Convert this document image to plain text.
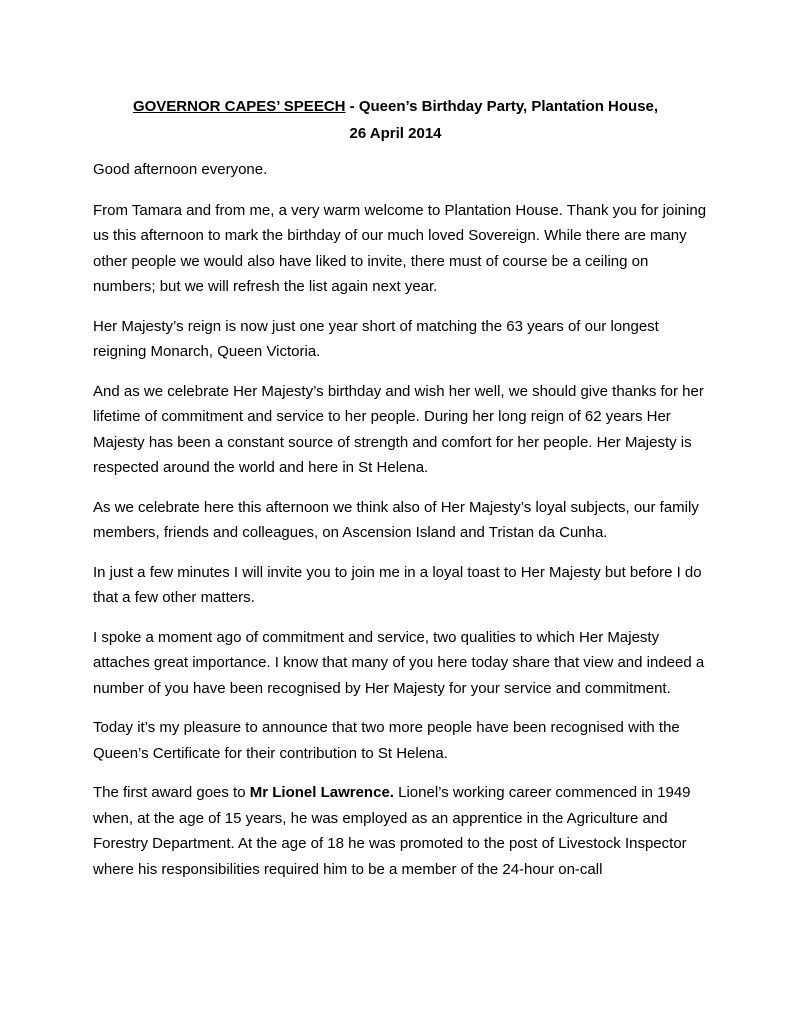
GOVERNOR CAPES’ SPEECH - Queen’s Birthday Party, Plantation House,
26 April 2014

Good afternoon everyone.

From Tamara and from me, a very warm welcome to Plantation House. Thank you for joining us this afternoon to mark the birthday of our much loved Sovereign. While there are many other people we would also have liked to invite, there must of course be a ceiling on numbers; but we will refresh the list again next year.

Her Majesty’s reign is now just one year short of matching the 63 years of our longest reigning Monarch, Queen Victoria.

And as we celebrate Her Majesty’s birthday and wish her well, we should give thanks for her lifetime of commitment and service to her people. During her long reign of 62 years Her Majesty has been a constant source of strength and comfort for her people. Her Majesty is respected around the world and here in St Helena.

As we celebrate here this afternoon we think also of Her Majesty’s loyal subjects, our family members, friends and colleagues, on Ascension Island and Tristan da Cunha.

In just a few minutes I will invite you to join me in a loyal toast to Her Majesty but before I do that a few other matters.

I spoke a moment ago of commitment and service, two qualities to which Her Majesty attaches great importance. I know that many of you here today share that view and indeed a number of you have been recognised by Her Majesty for your service and commitment.

Today it’s my pleasure to announce that two more people have been recognised with the Queen’s Certificate for their contribution to St Helena.

The first award goes to Mr Lionel Lawrence. Lionel’s working career commenced in 1949 when, at the age of 15 years, he was employed as an apprentice in the Agriculture and Forestry Department. At the age of 18 he was promoted to the post of Livestock Inspector where his responsibilities required him to be a member of the 24-hour on-call
